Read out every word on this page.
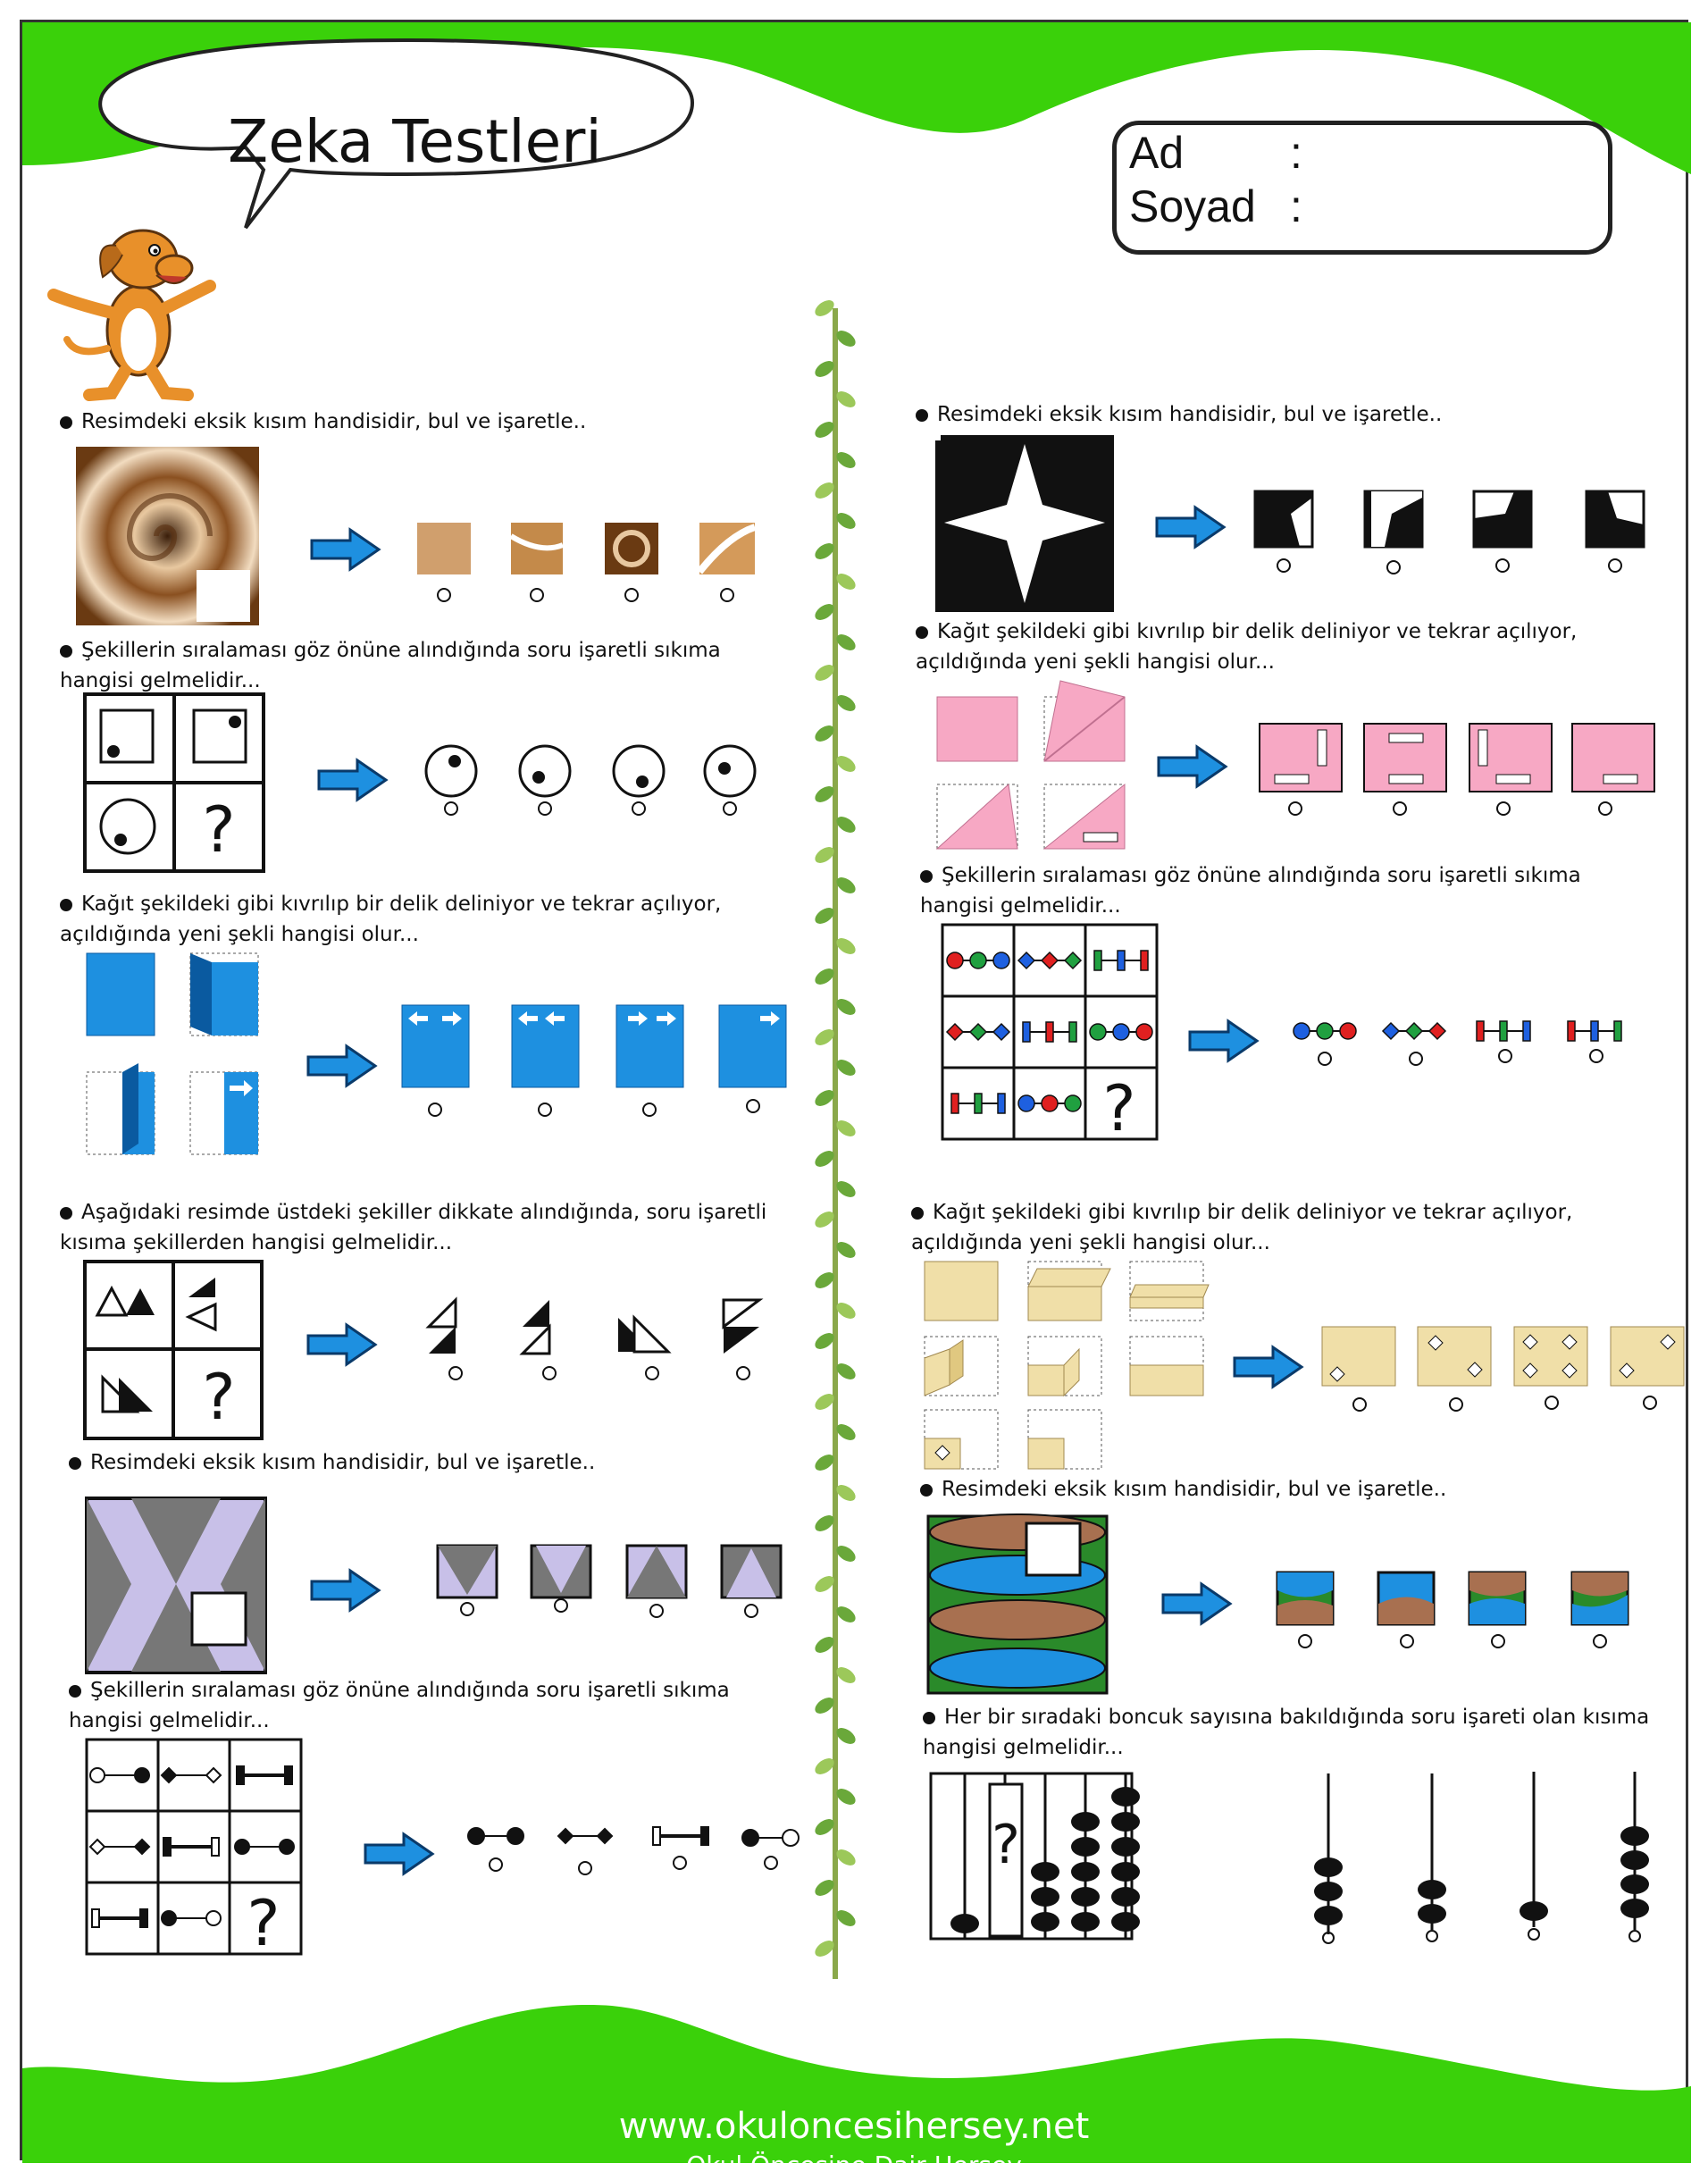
Zeka Testleri	Ad :
Soyad :
Resimdeki eksik kısım handisidir, bul ve işaretle..
Şekillerin sıralaması göz önüne alındığında soru işaretli sıkıma hangisi gelmelidir...
?
Kağıt şekildeki gibi kıvrılıp bir delik deliniyor ve tekrar açılıyor, açıldığında yeni şekli hangisi olur...
Aşağıdaki resimde üstdeki şekiller dikkate alındığında, soru işaretli kısıma şekillerden hangisi gelmelidir...
?
Resimdeki eksik kısım handisidir, bul ve işaretle..
Şekillerin sıralaması göz önüne alındığında soru işaretli sıkıma hangisi gelmelidir...
?
Resimdeki eksik kısım handisidir, bul ve işaretle..
Kağıt şekildeki gibi kıvrılıp bir delik deliniyor ve tekrar açılıyor, açıldığında yeni şekli hangisi olur...
Şekillerin sıralaması göz önüne alındığında soru işaretli sıkıma hangisi gelmelidir...
?
Kağıt şekildeki gibi kıvrılıp bir delik deliniyor ve tekrar açılıyor, açıldığında yeni şekli hangisi olur...
Resimdeki eksik kısım handisidir, bul ve işaretle..
Her bir sıradaki boncuk sayısına bakıldığında soru işareti olan kısıma hangisi gelmelidir...
?
www.okuloncesihersey.net
Okul Öncesine Dair Herşey
